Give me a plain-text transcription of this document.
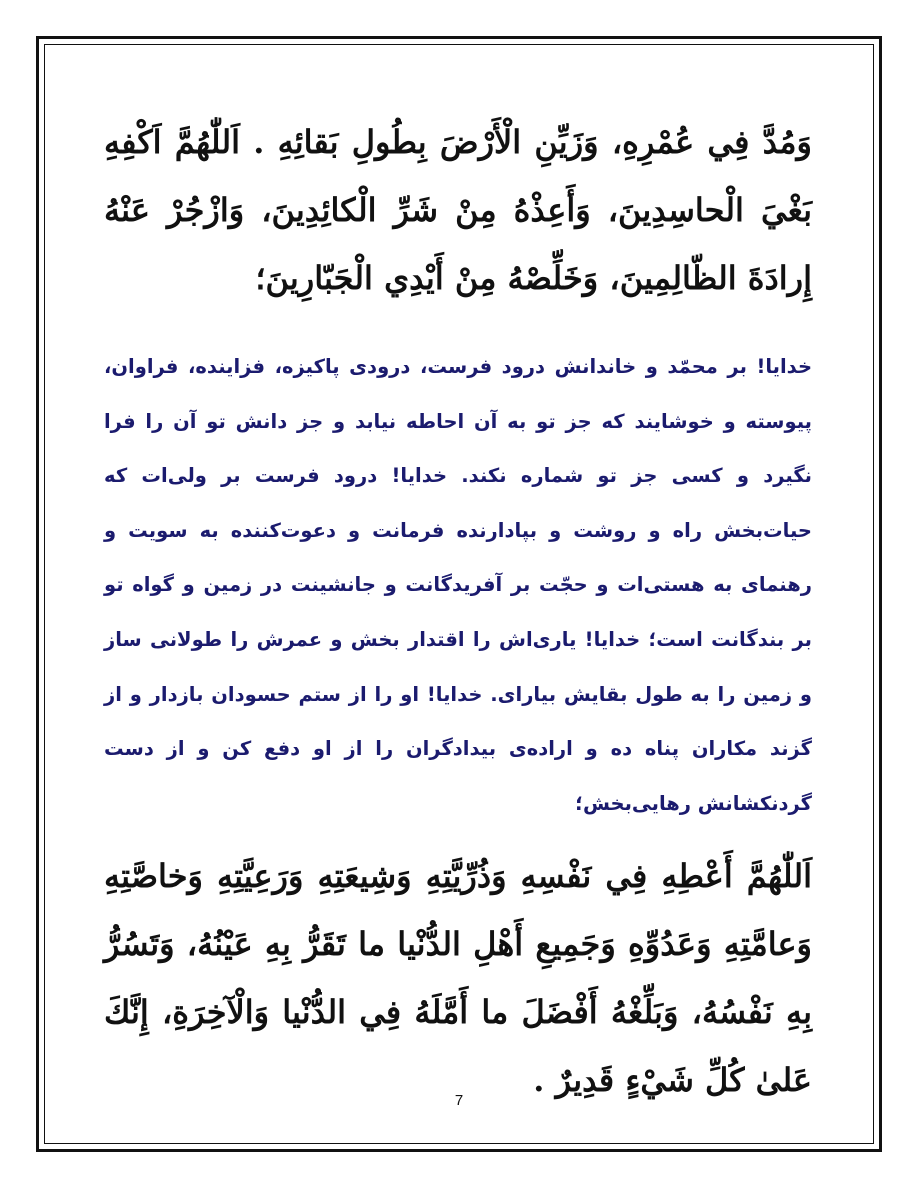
وَمُدَّ فِي عُمْرِهِ، وَزَيِّنِ الْأَرْضَ بِطُولِ بَقائِهِ . اَللّٰهُمَّ اَكْفِهِ بَغْيَ الْحاسِدِينَ، وَأَعِذْهُ مِنْ شَرِّ الْكائِدِينَ، وَازْجُرْ عَنْهُ إِرادَةَ الظّالِمِينَ، وَخَلِّصْهُ مِنْ أَيْدِي الْجَبّارِينَ؛

خدایا! بر محمّد و خاندانش درود فرست، درودی پاکیزه، فزاینده، فراوان، پیوسته و خوشایند که جز تو به آن احاطه نیابد و جز دانش تو آن را فرا نگیرد و کسی جز تو شماره نکند. خدایا! درود فرست بر ولی‌ات که حیات‌بخش راه و روشت و بپادارنده فرمانت و دعوت‌کننده به سویت و رهنمای به هستی‌ات و حجّت بر آفریدگانت و جانشینت در زمین و گواه تو بر بندگانت است؛ خدایا! یاری‌اش را اقتدار بخش و عمرش را طولانی ساز و زمین را به طول بقایش بیارای. خدایا! او را از ستم حسودان بازدار و از گزند مکاران پناه ده و اراده‌ی بیدادگران را از او دفع کن و از دست گردنکشانش رهایی‌بخش؛

اَللّٰهُمَّ أَعْطِهِ فِي نَفْسِهِ وَذُرِّيَّتِهِ وَشِيعَتِهِ وَرَعِيَّتِهِ وَخاصَّتِهِ وَعامَّتِهِ وَعَدُوِّهِ وَجَمِيعِ أَهْلِ الدُّنْيا ما تَقَرُّ بِهِ عَيْنُهُ، وَتَسُرُّ بِهِ نَفْسُهُ، وَبَلِّغْهُ أَفْضَلَ ما أَمَّلَهُ فِي الدُّنْيا وَالْآخِرَةِ، إِنَّكَ عَلىٰ كُلِّ شَيْءٍ قَدِيرٌ .

7
